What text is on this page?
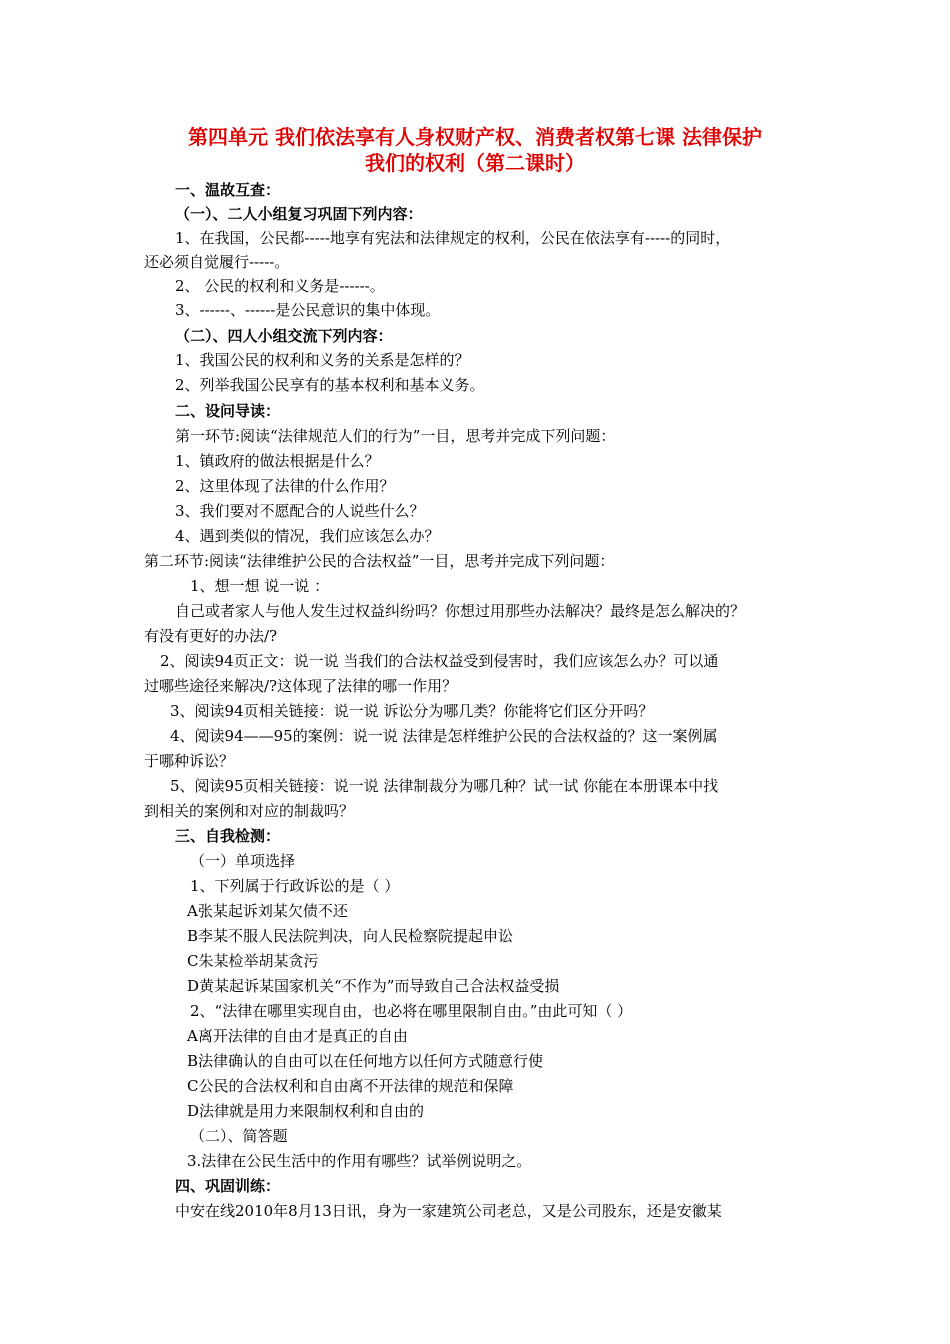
第四单元 我们依法享有人身权财产权、消费者权第七课 法律保护
我们的权利（第二课时）
一、温故互查：
（一）、二人小组复习巩固下列内容：
1、在我国，公民都-----地享有宪法和法律规定的权利，公民在依法享有-----的同时，
还必须自觉履行-----。
2、 公民的权利和义务是------。
3、------、------是公民意识的集中体现。
（二）、四人小组交流下列内容：
1、我国公民的权利和义务的关系是怎样的？
2、列举我国公民享有的基本权利和基本义务。
二、设问导读：
第一环节:阅读“法律规范人们的行为”一目，思考并完成下列问题：
1、镇政府的做法根据是什么？
2、这里体现了法律的什么作用？
3、我们要对不愿配合的人说些什么？
4、遇到类似的情况，我们应该怎么办？
第二环节:阅读“法律维护公民的合法权益”一目，思考并完成下列问题：
1、想一想 说一说 ：
自己或者家人与他人发生过权益纠纷吗？你想过用那些办法解决？最终是怎么解决的？
有没有更好的办法/?
2、阅读94页正文：说一说 当我们的合法权益受到侵害时，我们应该怎么办？可以通
过哪些途径来解决/?这体现了法律的哪一作用？
3、阅读94页相关链接：说一说 诉讼分为哪几类？你能将它们区分开吗？
4、阅读94——95的案例：说一说 法律是怎样维护公民的合法权益的？这一案例属
于哪种诉讼？
5、阅读95页相关链接：说一说 法律制裁分为哪几种？试一试 你能在本册课本中找
到相关的案例和对应的制裁吗？
三、自我检测：
（一）单项选择
1、下列属于行政诉讼的是（ ）
A张某起诉刘某欠债不还
B李某不服人民法院判决，向人民检察院提起申讼
C朱某检举胡某贪污
D黄某起诉某国家机关“不作为”而导致自己合法权益受损
2、“法律在哪里实现自由，也必将在哪里限制自由。”由此可知（ ）
A离开法律的自由才是真正的自由
B法律确认的自由可以在任何地方以任何方式随意行使
C公民的合法权利和自由离不开法律的规范和保障
D法律就是用力来限制权利和自由的
（二）、简答题
3.法律在公民生活中的作用有哪些？试举例说明之。
四、巩固训练：
中安在线2010年8月13日讯，身为一家建筑公司老总，又是公司股东，还是安徽某
